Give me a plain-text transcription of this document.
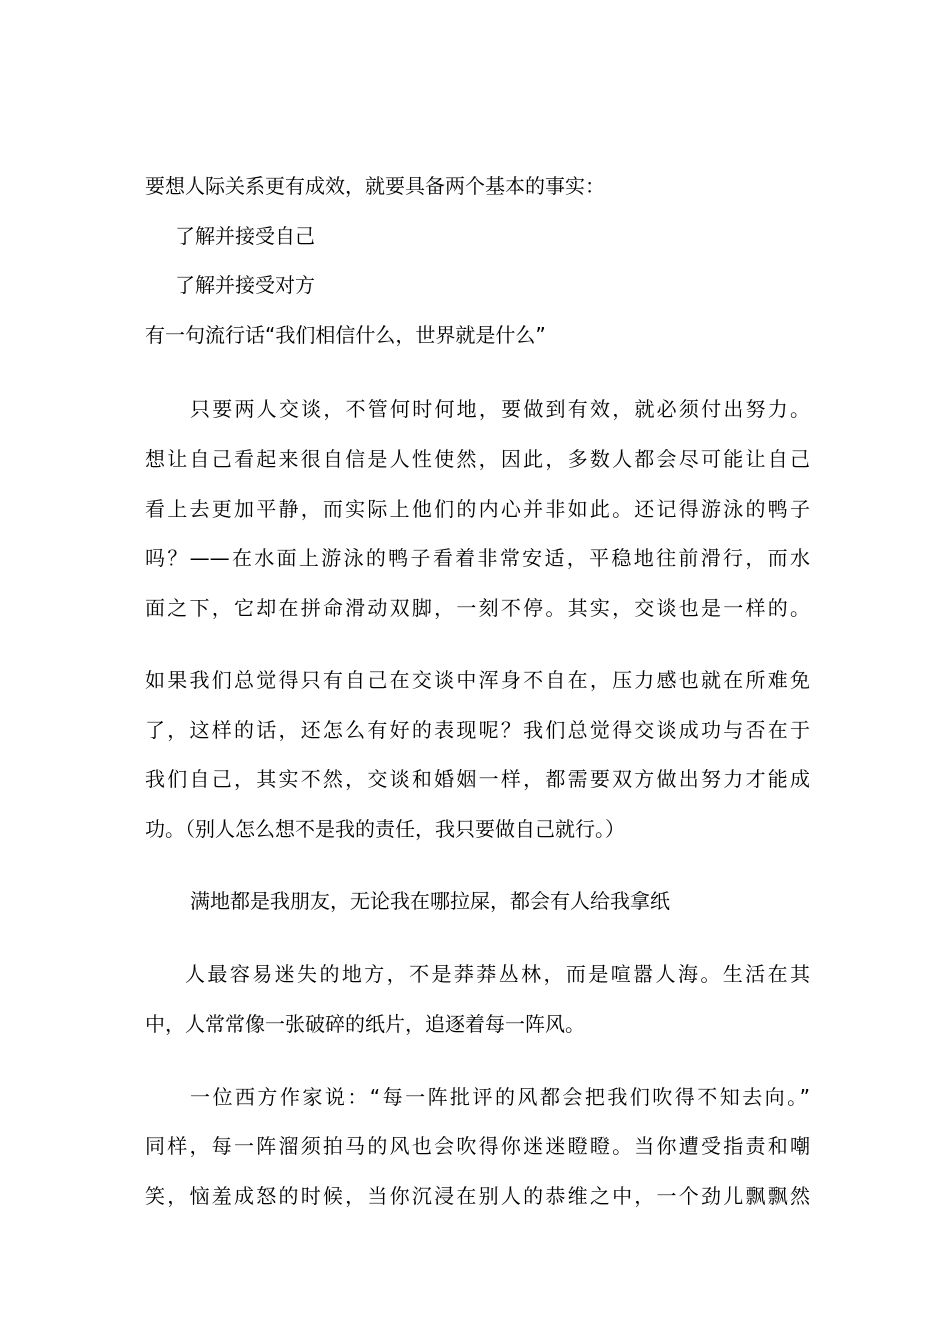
要想人际关系更有成效，就要具备两个基本的事实：
了解并接受自己
了解并接受对方
有一句流行话“我们相信什么，世界就是什么”
只要两人交谈，不管何时何地，要做到有效，就必须付出努力。
想让自己看起来很自信是人性使然，因此，多数人都会尽可能让自己
看上去更加平静，而实际上他们的内心并非如此。还记得游泳的鸭子
吗？——在水面上游泳的鸭子看着非常安适，平稳地往前滑行，而水
面之下，它却在拼命滑动双脚，一刻不停。其实，交谈也是一样的。
如果我们总觉得只有自己在交谈中浑身不自在，压力感也就在所难免
了，这样的话，还怎么有好的表现呢？我们总觉得交谈成功与否在于
我们自己，其实不然，交谈和婚姻一样，都需要双方做出努力才能成
功。（别人怎么想不是我的责任，我只要做自己就行。）
满地都是我朋友，无论我在哪拉屎，都会有人给我拿纸
人最容易迷失的地方，不是莽莽丛林，而是喧嚣人海。生活在其
中，人常常像一张破碎的纸片，追逐着每一阵风。
一位西方作家说：“每一阵批评的风都会把我们吹得不知去向。”
同样，每一阵溜须拍马的风也会吹得你迷迷瞪瞪。当你遭受指责和嘲
笑，恼羞成怒的时候，当你沉浸在别人的恭维之中，一个劲儿飘飘然
